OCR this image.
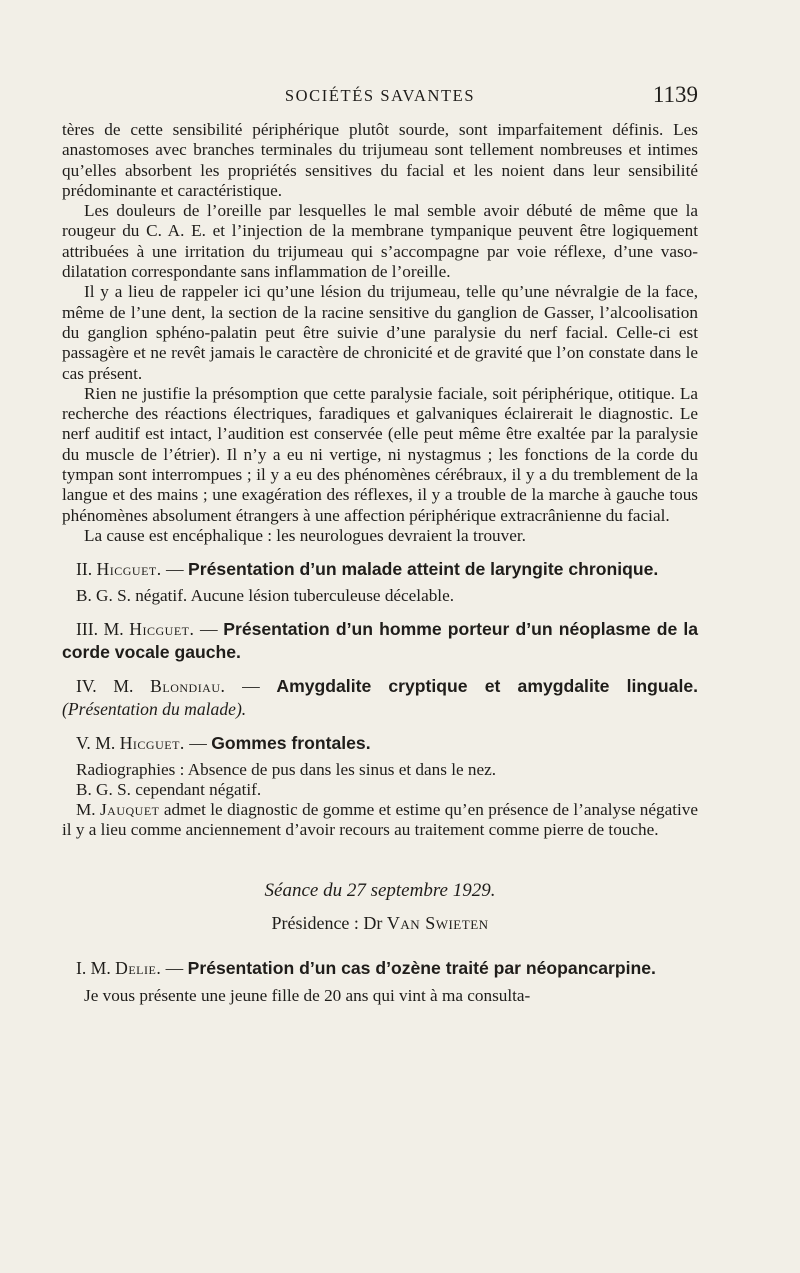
SOCIÉTÉS SAVANTES	1139

tères de cette sensibilité périphérique plutôt sourde, sont imparfaitement définis. Les anastomoses avec branches terminales du trijumeau sont tellement nombreuses et intimes qu’elles absorbent les propriétés sensitives du facial et les noient dans leur sensibilité prédominante et caractéristique.

Les douleurs de l’oreille par lesquelles le mal semble avoir débuté de même que la rougeur du C. A. E. et l’injection de la membrane tympanique peuvent être logiquement attribuées à une irritation du trijumeau qui s’accompagne par voie réflexe, d’une vaso-dilatation correspondante sans inflammation de l’oreille.

Il y a lieu de rappeler ici qu’une lésion du trijumeau, telle qu’une névralgie de la face, même de l’une dent, la section de la racine sensitive du ganglion de Gasser, l’alcoolisation du ganglion sphéno-palatin peut être suivie d’une paralysie du nerf facial. Celle-ci est passagère et ne revêt jamais le caractère de chronicité et de gravité que l’on constate dans le cas présent.

Rien ne justifie la présomption que cette paralysie faciale, soit périphérique, otitique. La recherche des réactions électriques, faradiques et galvaniques éclairerait le diagnostic. Le nerf auditif est intact, l’audition est conservée (elle peut même être exaltée par la paralysie du muscle de l’étrier). Il n’y a eu ni vertige, ni nystagmus ; les fonctions de la corde du tympan sont interrompues ; il y a eu des phénomènes cérébraux, il y a du tremblement de la langue et des mains ; une exagération des réflexes, il y a trouble de la marche à gauche tous phénomènes absolument étrangers à une affection périphérique extracrânienne du facial.

La cause est encéphalique : les neurologues devraient la trouver.

II. Hicguet. — Présentation d’un malade atteint de laryngite chronique.

B. G. S. négatif. Aucune lésion tuberculeuse décelable.

III. M. Hicguet. — Présentation d’un homme porteur d’un néoplasme de la corde vocale gauche.

IV. M. Blondiau. — Amygdalite cryptique et amygdalite linguale. (Présentation du malade).

V. M. Hicguet. — Gommes frontales.

Radiographies : Absence de pus dans les sinus et dans le nez.

B. G. S. cependant négatif.

M. Jauquet admet le diagnostic de gomme et estime qu’en présence de l’analyse négative il y a lieu comme anciennement d’avoir recours au traitement comme pierre de touche.

Séance du 27 septembre 1929.

Présidence : Dr Van Swieten

I. M. Delie. — Présentation d’un cas d’ozène traité par néopancarpine.

Je vous présente une jeune fille de 20 ans qui vint à ma consulta-
